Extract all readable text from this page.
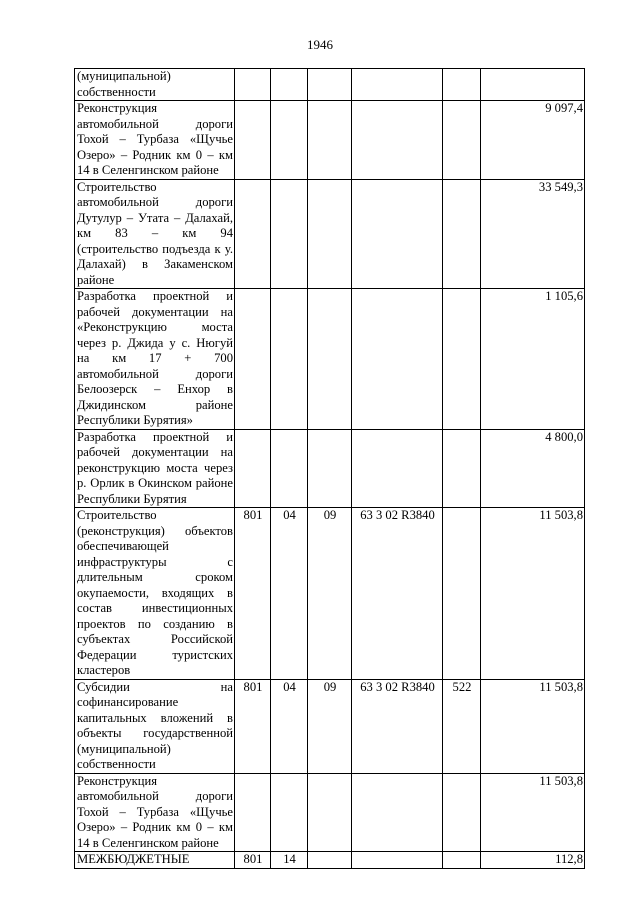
1946
(муниципальной) собственности						
Реконструкция автомобильной дороги Тохой – Турбаза «Щучье Озеро» – Родник км 0 – км 14 в Селенгинском районе						9 097,4
Строительство автомобильной дороги Дутулур – Утата – Далахай, км 83 – км 94 (строительство подъезда к у. Далахай) в Закаменском районе						33 549,3
Разработка проектной и рабочей документации на «Реконструкцию моста через р. Джида у с. Нюгуй на км 17 + 700 автомобильной дороги Белоозерск – Енхор в Джидинском районе Республики Бурятия»						1 105,6
Разработка проектной и рабочей документации на реконструкцию моста через р. Орлик в Окинском районе Республики Бурятия						4 800,0
Строительство (реконструкция) объектов обеспечивающей инфраструктуры с длительным сроком окупаемости, входящих в состав инвестиционных проектов по созданию в субъектах Российской Федерации туристских кластеров	801	04	09	63 3 02 R3840		11 503,8
Субсидии на софинансирование капитальных вложений в объекты государственной (муниципальной) собственности	801	04	09	63 3 02 R3840	522	11 503,8
Реконструкция автомобильной дороги Тохой – Турбаза «Щучье Озеро» – Родник км 0 – км 14 в Селенгинском районе						11 503,8
МЕЖБЮДЖЕТНЫЕ	801	14				112,8
